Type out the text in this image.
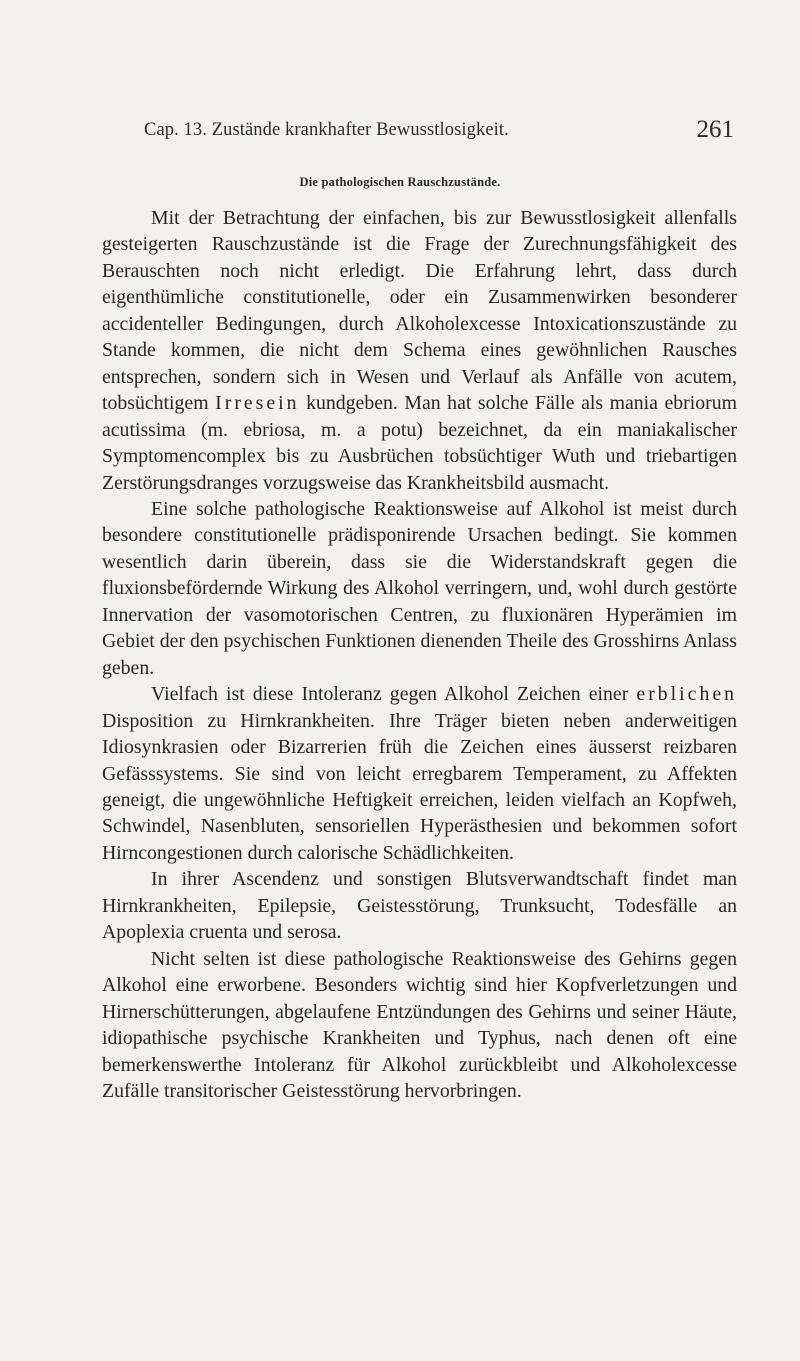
Cap. 13. Zustände krankhafter Bewusstlosigkeit.	261
Die pathologischen Rauschzustände.

Mit der Betrachtung der einfachen, bis zur Bewusstlosigkeit allenfalls gesteigerten Rauschzustände ist die Frage der Zurechnungsfähigkeit des Berauschten noch nicht erledigt. Die Erfahrung lehrt, dass durch eigenthümliche constitutionelle, oder ein Zusammenwirken besonderer accidenteller Bedingungen, durch Alkoholexcesse Intoxicationszustände zu Stande kommen, die nicht dem Schema eines gewöhnlichen Rausches entsprechen, sondern sich in Wesen und Verlauf als Anfälle von acutem, tobsüchtigem Irresein kundgeben. Man hat solche Fälle als mania ebriorum acutissima (m. ebriosa, m. a potu) bezeichnet, da ein maniakalischer Symptomencomplex bis zu Ausbrüchen tobsüchtiger Wuth und triebartigen Zerstörungsdranges vorzugsweise das Krankheitsbild ausmacht.

Eine solche pathologische Reaktionsweise auf Alkohol ist meist durch besondere constitutionelle prädisponirende Ursachen bedingt. Sie kommen wesentlich darin überein, dass sie die Widerstandskraft gegen die fluxionsbefördernde Wirkung des Alkohol verringern, und, wohl durch gestörte Innervation der vasomotorischen Centren, zu fluxionären Hyperämien im Gebiet der den psychischen Funktionen dienenden Theile des Grosshirns Anlass geben.

Vielfach ist diese Intoleranz gegen Alkohol Zeichen einer erblichen Disposition zu Hirnkrankheiten. Ihre Träger bieten neben anderweitigen Idiosynkrasien oder Bizarrerien früh die Zeichen eines äusserst reizbaren Gefässsystems. Sie sind von leicht erregbarem Temperament, zu Affekten geneigt, die ungewöhnliche Heftigkeit erreichen, leiden vielfach an Kopfweh, Schwindel, Nasenbluten, sensoriellen Hyperästhesien und bekommen sofort Hirncongestionen durch calorische Schädlichkeiten.

In ihrer Ascendenz und sonstigen Blutsverwandtschaft findet man Hirnkrankheiten, Epilepsie, Geistesstörung, Trunksucht, Todesfälle an Apoplexia cruenta und serosa.

Nicht selten ist diese pathologische Reaktionsweise des Gehirns gegen Alkohol eine erworbene. Besonders wichtig sind hier Kopfverletzungen und Hirnerschütterungen, abgelaufene Entzündungen des Gehirns und seiner Häute, idiopathische psychische Krankheiten und Typhus, nach denen oft eine bemerkenswerthe Intoleranz für Alkohol zurückbleibt und Alkoholexcesse Zufälle transitorischer Geistesstörung hervorbringen.
